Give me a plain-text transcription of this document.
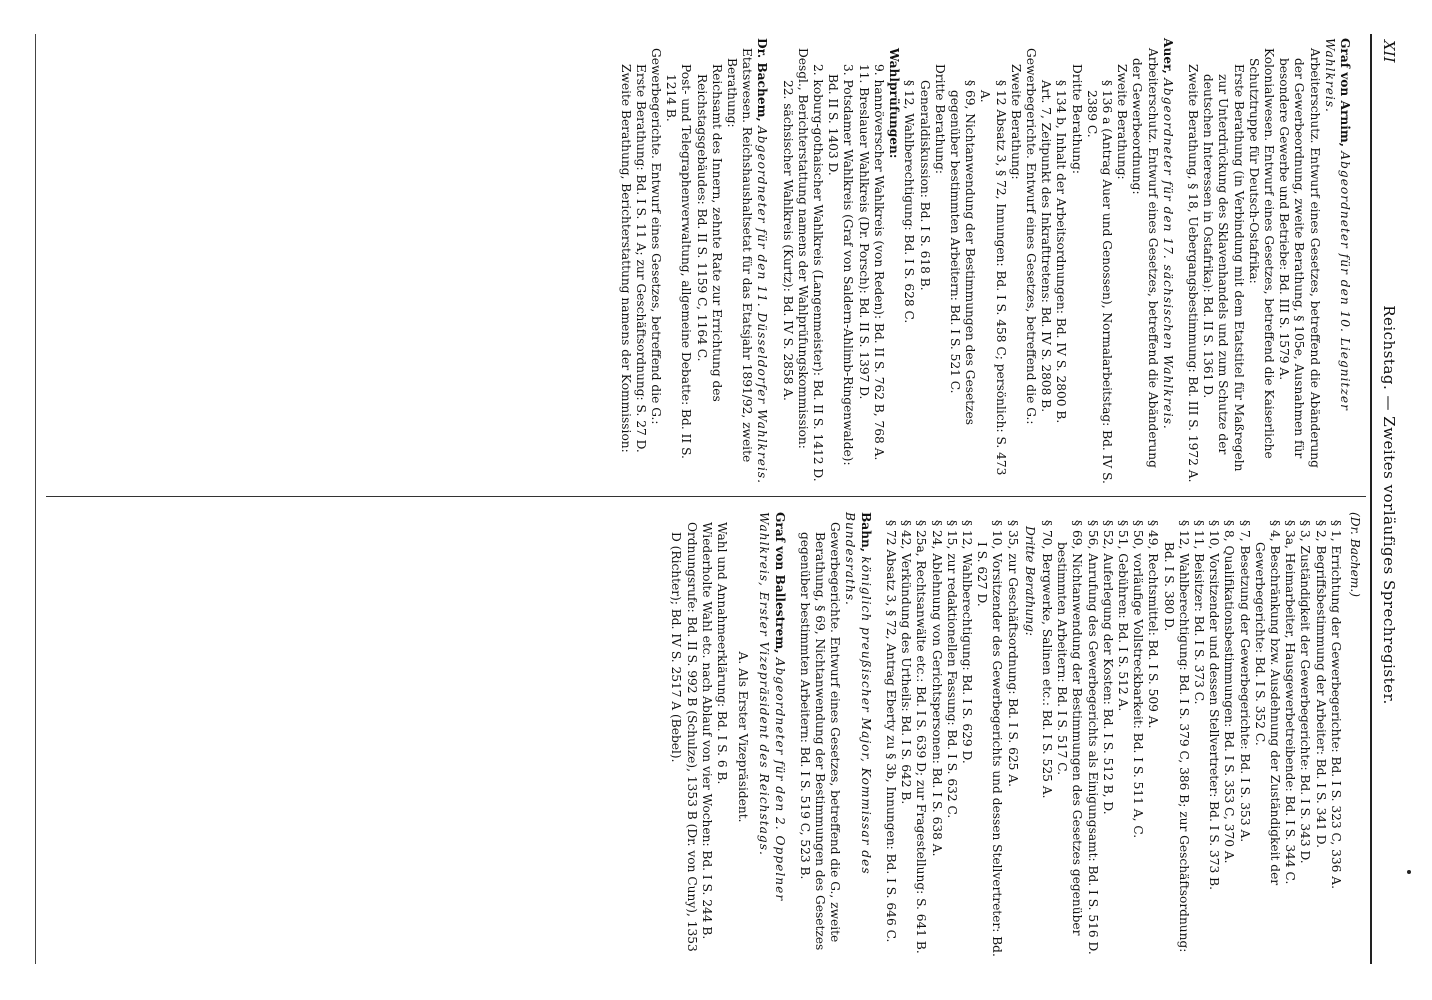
XII
Reichstag. — Zweites vorläufiges Sprechregister.
Graf von Arnim, Abgeordneter für den 10. Liegnitzer Wahlkreis.

Arbeiterschutz. Entwurf eines Gesetzes, betreffend die Abänderung der Gewerbeordnung, zweite Berathung, § 105e, Ausnahmen für besondere Gewerbe und Betriebe: Bd. III S. 1579 A.

Kolonialwesen. Entwurf eines Gesetzes, betreffend die Kaiserliche Schutztruppe für Deutsch-Ostafrika:

Erste Berathung (in Verbindung mit dem Etatstitel für Maßregeln zur Unterdrückung des Sklavenhandels und zum Schutze der deutschen Interessen in Ostafrika): Bd. II S. 1361 D.

Zweite Berathung, § 18, Uebergangsbestimmung: Bd. III S. 1972 A.

Auer, Abgeordneter für den 17. sächsischen Wahlkreis.

Arbeiterschutz. Entwurf eines Gesetzes, betreffend die Abänderung der Gewerbeordnung:

Zweite Berathung:

§ 136 a (Antrag Auer und Genossen), Normalarbeitstag: Bd. IV S. 2389 C.

Dritte Berathung:

§ 134 b, Inhalt der Arbeitsordnungen: Bd. IV S. 2800 B.

Art. 7, Zeitpunkt des Inkrafttretens: Bd. IV S. 2808 B.

Gewerbegerichte. Entwurf eines Gesetzes, betreffend die G.:

Zweite Berathung:

§ 12 Absatz 3, § 72, Innungen: Bd. I S. 458 C; persönlich: S. 473 A.

§ 69, Nichtanwendung der Bestimmungen des Gesetzes gegenüber bestimmten Arbeitern: Bd. I S. 521 C.

Dritte Berathung:

Generaldiskussion: Bd. I S. 618 B.

§ 12, Wahlberechtigung: Bd. I S. 628 C.

Wahlprüfungen:

9. hannöverscher Wahlkreis (von Reden): Bd. II S. 762 B, 768 A.

11. Breslauer Wahlkreis (Dr. Porsch): Bd. II S. 1397 D.

3. Potsdamer Wahlkreis (Graf von Saldern-Ahlimb-Ringenwalde): Bd. II S. 1403 D.

2. koburg-gothaischer Wahlkreis (Langenmeister): Bd. II S. 1412 D.

Desgl., Berichterstattung namens der Wahlprüfungskommission:

22. sächsischer Wahlkreis (Kurtz): Bd. IV S. 2858 A.

Dr. Bachem, Abgeordneter für den 11. Düsseldorfer Wahlkreis.

Etatswesen. Reichshaushaltsetat für das Etatsjahr 1891/92, zweite Berathung:

Reichsamt des Innern, zehnte Rate zur Errichtung des Reichstagsgebäudes: Bd. II S. 1159 C, 1164 C.

Post- und Telegraphenverwaltung, allgemeine Debatte: Bd. II S. 1214 B.

Gewerbegerichte. Entwurf eines Gesetzes, betreffend die G.:

Erste Berathung: Bd. I S. 11 A; zur Geschäftsordnung: S. 27 D.

Zweite Berathung, Berichterstattung namens der Kommission:

(Dr. Bachem.)

§ 1, Errichtung der Gewerbegerichte: Bd. I S. 323 C, 336 A.

§ 2, Begriffsbestimmung der Arbeiter: Bd. I S. 341 D.

§ 3, Zuständigkeit der Gewerbegerichte: Bd. I S. 343 D.

§ 3a, Heimarbeiter, Hausgewerbetreibende: Bd. I S. 344 C.

§ 4, Beschränkung bzw. Ausdehnung der Zuständigkeit der Gewerbegerichte: Bd. I S. 352 C.

§ 7, Besetzung der Gewerbegerichte: Bd. I S. 353 A.

§ 8, Qualifikationsbestimmungen: Bd. I S. 353 C, 370 A.

§ 10, Vorsitzender und dessen Stellvertreter: Bd. I S. 373 B.

§ 11, Beisitzer: Bd. I S. 373 C.

§ 12, Wahlberechtigung: Bd. I S. 379 C, 386 B; zur Geschäftsordnung: Bd. I S. 380 D.

§ 49, Rechtsmittel: Bd. I S. 509 A.

§ 50, vorläufige Vollstreckbarkeit: Bd. I S. 511 A, C.

§ 51, Gebühren: Bd. I S. 512 A.

§ 52, Auferlegung der Kosten: Bd. I S. 512 B, D.

§ 56, Anrufung des Gewerbegerichts als Einigungsamt: Bd. I S. 516 D.

§ 69, Nichtanwendung der Bestimmungen des Gesetzes gegenüber bestimmten Arbeitern: Bd. I S. 517 C.

§ 70, Bergwerke, Salinen etc.: Bd. I S. 525 A.

Dritte Berathung:

§ 35, zur Geschäftsordnung: Bd. I S. 625 A.

§ 10, Vorsitzender des Gewerbegerichts und dessen Stellvertreter: Bd. I S. 627 D.

§ 12, Wahlberechtigung: Bd. I S. 629 D.

§ 15, zur redaktionellen Fassung: Bd. I S. 632 C.

§ 24, Ablehnung von Gerichtspersonen: Bd. I S. 638 A.

§ 25a, Rechtsanwälte etc.: Bd. I S. 639 D; zur Fragestellung: S. 641 B.

§ 42, Verkündung des Urtheils: Bd. I S. 642 B.

§ 72 Absatz 3, § 72, Antrag Eberty zu § 3b, Innungen: Bd. I S. 646 C.

Bahn, königlich preußischer Major, Kommissar des Bundesraths.

Gewerbegerichte. Entwurf eines Gesetzes, betreffend die G., zweite Berathung, § 69, Nichtanwendung der Bestimmungen des Gesetzes gegenüber bestimmten Arbeitern: Bd. I S. 519 C, 523 B.

Graf von Ballestrem, Abgeordneter für den 2. Oppelner Wahlkreis, Erster Vizepräsident des Reichstags.
A. Als Erster Vizepräsident.

Wahl und Annahmeerklärung: Bd. I S. 6 B.

Wiederholte Wahl etc. nach Ablauf von vier Wochen: Bd. I S. 244 B.

Ordnungsrufe: Bd. II S. 992 B (Schulze), 1353 B (Dr. von Cuny), 1353 D (Richter); Bd. IV S. 2517 A (Bebel).
